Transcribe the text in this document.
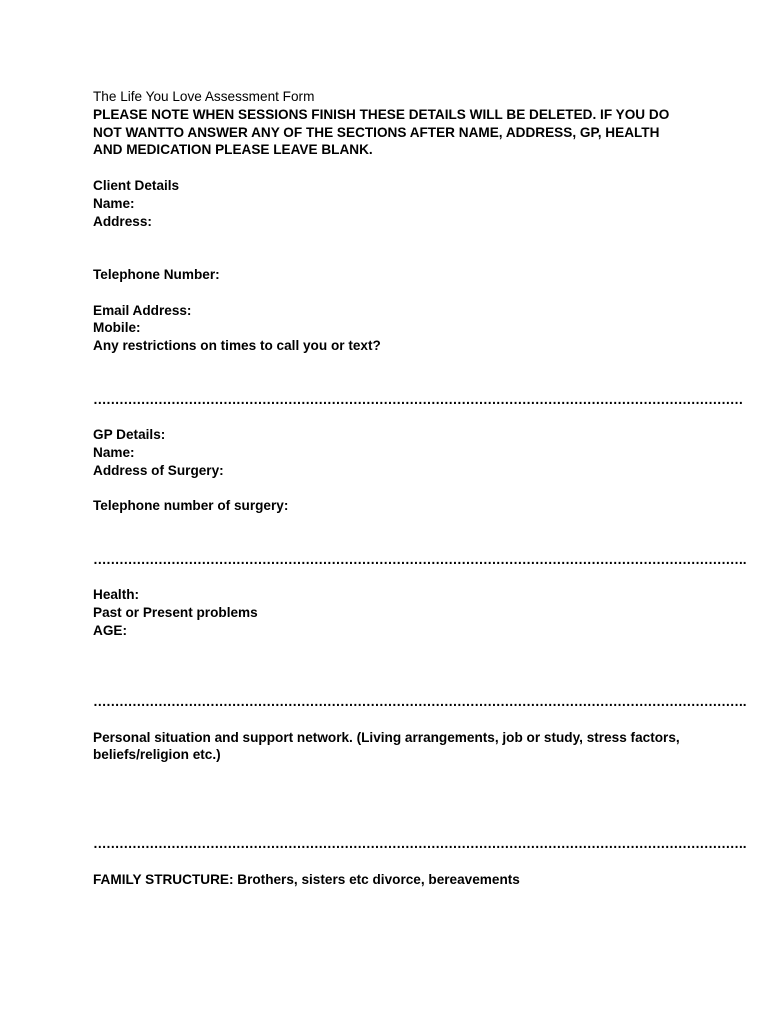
The Life You Love Assessment Form
PLEASE NOTE WHEN SESSIONS FINISH THESE DETAILS WILL BE DELETED. IF YOU DO NOT WANTTO ANSWER ANY OF THE SECTIONS AFTER NAME, ADDRESS, GP, HEALTH AND MEDICATION PLEASE LEAVE BLANK.
Client Details
Name:
Address:
Telephone Number:
Email Address:
Mobile:
Any restrictions on times to call you or text?
……………………………………………………………………………………………………………………………………
GP Details:
Name:
Address of Surgery:
Telephone number of surgery:
…………………………………………………………………………………………………………………………………….
Health:
Past or Present problems
AGE:
…………………………………………………………………………………………………………………………………….
Personal situation and support network. (Living arrangements, job or study, stress factors, beliefs/religion etc.)
…………………………………………………………………………………………………………………………………….
FAMILY STRUCTURE: Brothers, sisters etc divorce, bereavements
